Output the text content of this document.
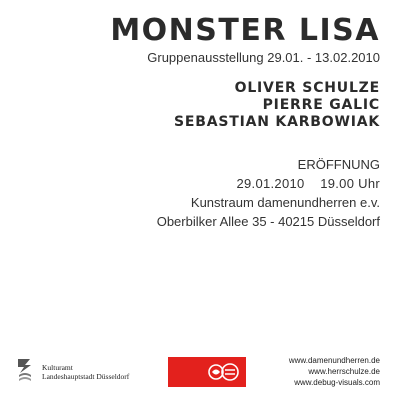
MONSTER LISA
Gruppenausstellung 29.01. - 13.02.2010
OLIVER SCHULZE
PIERRE GALIC
SEBASTIAN KARBOWIAK
ERÖFFNUNG
29.01.2010    19.00 Uhr
Kunstraum damenundherren e.v.
Oberbilker Allee 35 - 40215 Düsseldorf
Kulturamt
Landeshauptstadt Düsseldorf
www.damenundherren.de
www.herrschulze.de
www.debug-visuals.com
